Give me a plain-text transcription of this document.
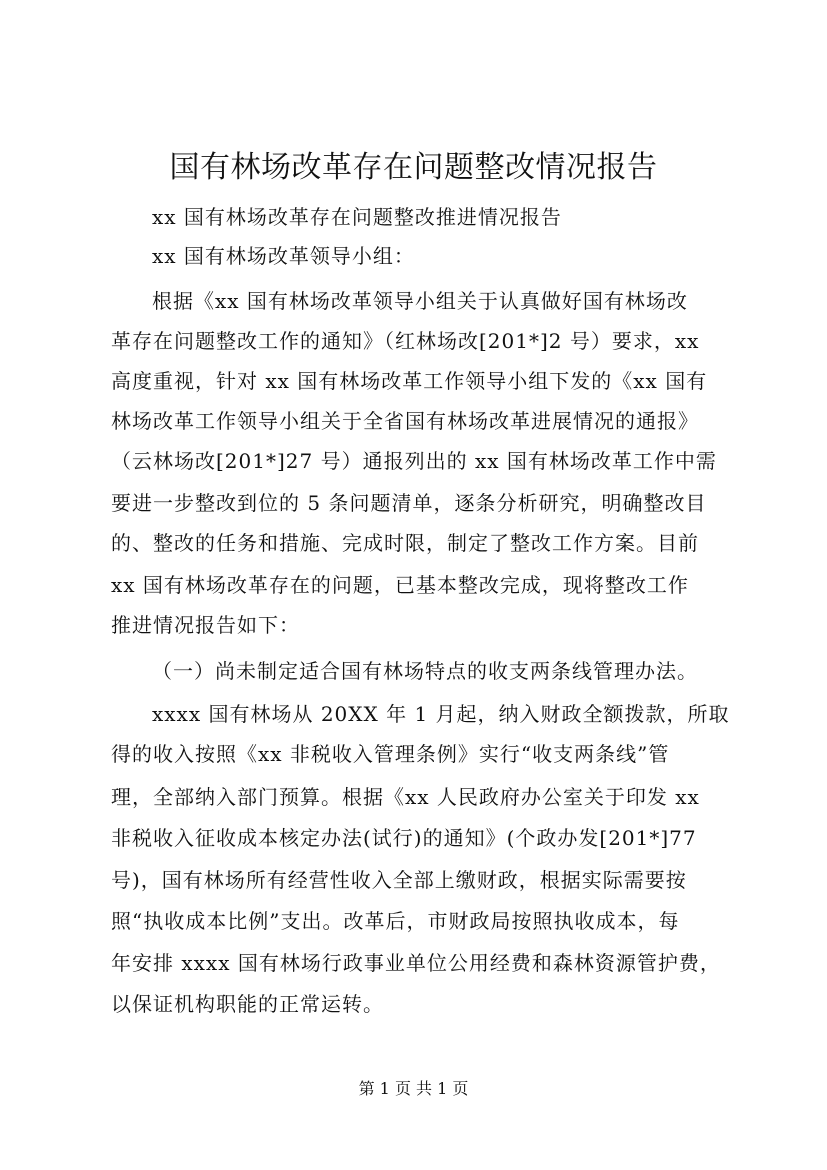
国有林场改革存在问题整改情况报告
xx 国有林场改革存在问题整改推进情况报告
xx 国有林场改革领导小组：
根据《xx 国有林场改革领导小组关于认真做好国有林场改
革存在问题整改工作的通知》（红林场改[201*]2 号）要求，xx
高度重视，针对 xx 国有林场改革工作领导小组下发的《xx 国有
林场改革工作领导小组关于全省国有林场改革进展情况的通报》
（云林场改[201*]27 号）通报列出的 xx 国有林场改革工作中需
要进一步整改到位的 5 条问题清单，逐条分析研究，明确整改目
的、整改的任务和措施、完成时限，制定了整改工作方案。目前
xx 国有林场改革存在的问题，已基本整改完成，现将整改工作
推进情况报告如下：
（一）尚未制定适合国有林场特点的收支两条线管理办法。
xxxx 国有林场从 20XX 年 1 月起，纳入财政全额拨款，所取
得的收入按照《xx 非税收入管理条例》实行“收支两条线”管
理，全部纳入部门预算。根据《xx 人民政府办公室关于印发 xx
非税收入征收成本核定办法(试行)的通知》(个政办发[201*]77
号)，国有林场所有经营性收入全部上缴财政，根据实际需要按
照“执收成本比例”支出。改革后，市财政局按照执收成本，每
年安排 xxxx 国有林场行政事业单位公用经费和森林资源管护费，
以保证机构职能的正常运转。
第 1 页 共 1 页
